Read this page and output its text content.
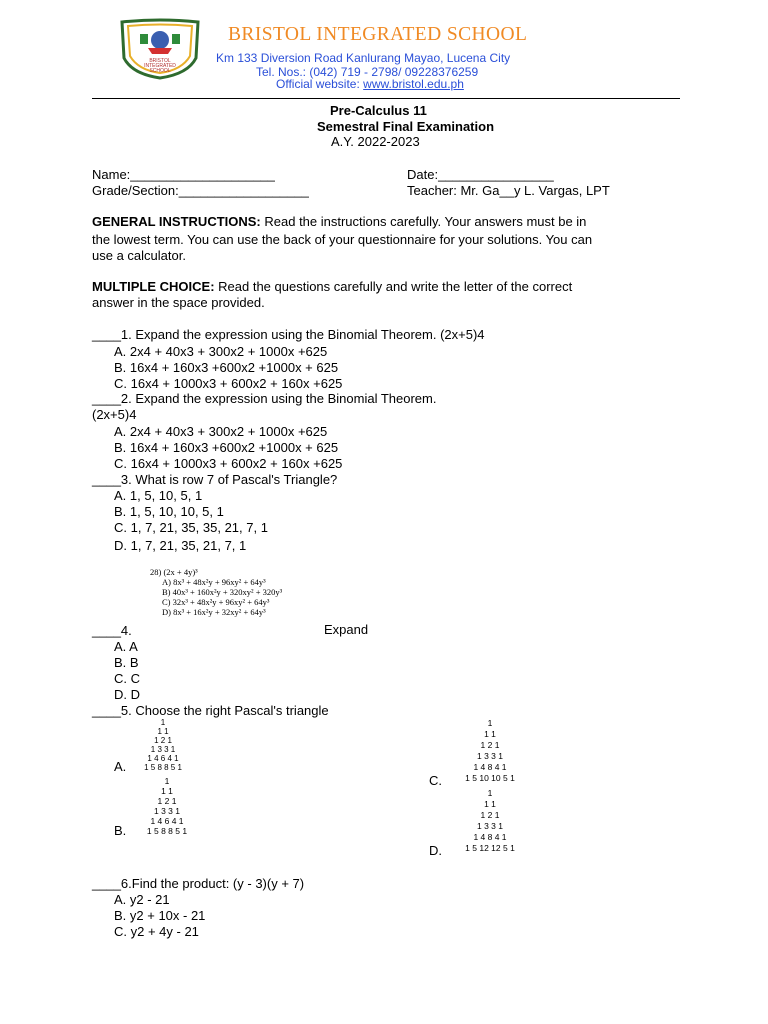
BRISTOL
INTEGRATED
SCHOOL
BRISTOL INTEGRATED SCHOOL
Km 133 Diversion Road Kanlurang Mayao, Lucena City
Tel. Nos.: (042) 719 - 2798/ 09228376259
Official website: www.bristol.edu.ph
Pre-Calculus 11
Semestral Final Examination
A.Y. 2022-2023
Name:____________________	Date:________________
Grade/Section:__________________	Teacher: Mr. Ga__y L. Vargas, LPT
GENERAL INSTRUCTIONS: Read the instructions carefully. Your answers must be in
the lowest term. You can use the back of your questionnaire for your solutions. You can
use a calculator.
MULTIPLE CHOICE: Read the questions carefully and write the letter of the correct
answer in the space provided.
____1. Expand the expression using the Binomial Theorem. (2x+5)4
A. 2x4 + 40x3 + 300x2 + 1000x +625
B. 16x4 + 160x3 +600x2 +1000x + 625
C. 16x4 + 1000x3 + 600x2 + 160x +625
____2. Expand the expression using the Binomial Theorem.
(2x+5)4
A. 2x4 + 40x3 + 300x2 + 1000x +625
B. 16x4 + 160x3 +600x2 +1000x + 625
C. 16x4 + 1000x3 + 600x2 + 160x +625
____3. What is row 7 of Pascal's Triangle?
A. 1, 5, 10, 5, 1
B. 1, 5, 10, 10, 5, 1
C. 1, 7, 21, 35, 35, 21, 7, 1
D. 1, 7, 21, 35, 21, 7, 1
28) (2x + 4y)³
A) 8x³ + 48x²y + 96xy² + 64y³
B) 40x³ + 160x²y + 320xy² + 320y³
C) 32x³ + 48x²y + 96xy² + 64y³
D) 8x³ + 16x²y + 32xy² + 64y³
____4.	Expand
A. A
B. B
C. C
D. D
____5. Choose the right Pascal's triangle
1
1 1
1 2 1
1 3 3 1
1 4 6 4 1
1 5 8 8 5 1
A.
1
1 1
1 2 1
1 3 3 1
1 4 6 4 1
1 5 8 8 5 1
B.
1
1 1
1 2 1
1 3 3 1
1 4 8 4 1
1 5 10 10 5 1
C.
1
1 1
1 2 1
1 3 3 1
1 4 8 4 1
1 5 12 12 5 1
D.
____6.Find the product: (y - 3)(y + 7)
A. y2 - 21
B. y2 + 10x - 21
C. y2 + 4y - 21
